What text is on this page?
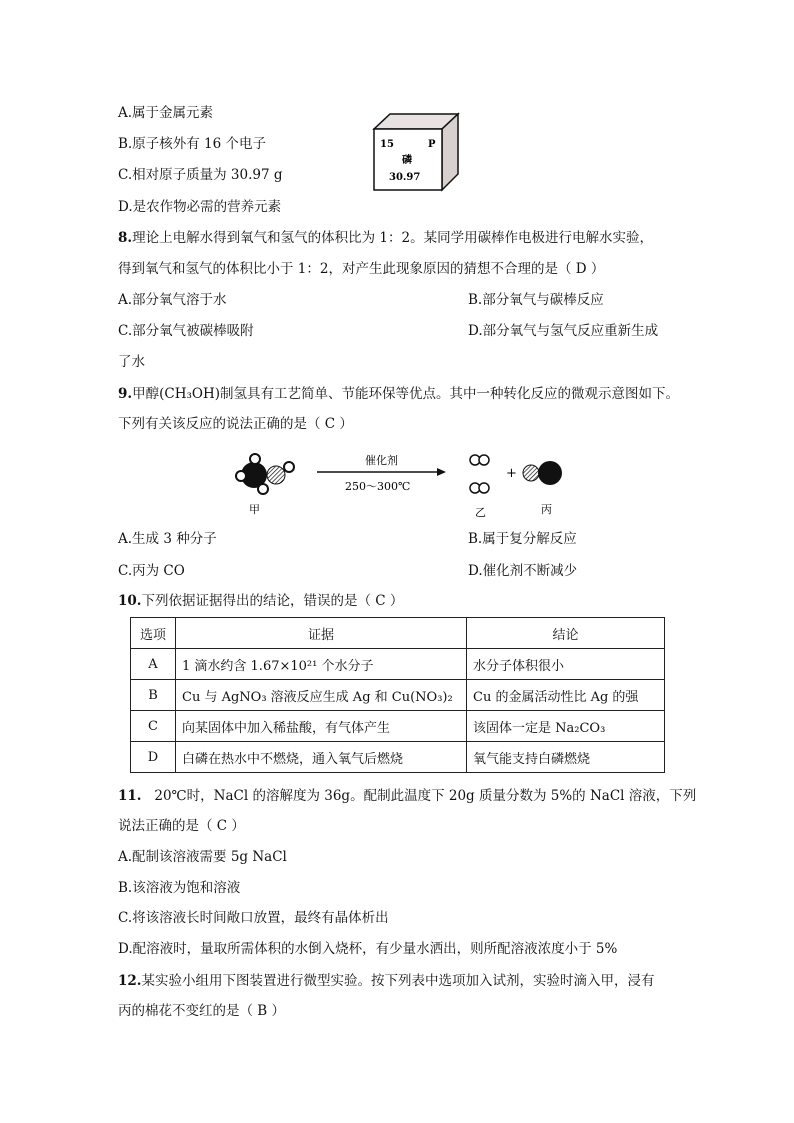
A.属于金属元素
B.原子核外有 16 个电子
C.相对原子质量为 30.97 g
D.是农作物必需的营养元素
15	P
磷
30.97
8.理论上电解水得到氧气和氢气的体积比为 1：2。某同学用碳棒作电极进行电解水实验，
得到氧气和氢气的体积比小于 1：2，对产生此现象原因的猜想不合理的是（ D ）
A.部分氧气溶于水	B.部分氧气与碳棒反应
C.部分氧气被碳棒吸附	D.部分氧气与氢气反应重新生成
了水
9.甲醇(CH₃OH)制氢具有工艺简单、节能环保等优点。其中一种转化反应的微观示意图如下。
下列有关该反应的说法正确的是（ C ）
催化剂
250～300℃
+
甲	乙	丙
A.生成 3 种分子	B.属于复分解反应
C.丙为 CO	D.催化剂不断减少
10.下列依据证据得出的结论，错误的是（ C ）
选项	证据	结论
A	1 滴水约含 1.67×10²¹ 个水分子	水分子体积很小
B	Cu 与 AgNO₃ 溶液反应生成 Ag 和 Cu(NO₃)₂	Cu 的金属活动性比 Ag 的强
C	向某固体中加入稀盐酸，有气体产生	该固体一定是 Na₂CO₃
D	白磷在热水中不燃烧，通入氧气后燃烧	氧气能支持白磷燃烧
11.   20℃时，NaCl 的溶解度为 36g。配制此温度下 20g 质量分数为 5%的 NaCl 溶液，下列
说法正确的是（ C ）
A.配制该溶液需要 5g NaCl
B.该溶液为饱和溶液
C.将该溶液长时间敞口放置，最终有晶体析出
D.配溶液时，量取所需体积的水倒入烧杯，有少量水洒出，则所配溶液浓度小于 5%
12.某实验小组用下图装置进行微型实验。按下列表中选项加入试剂，实验时滴入甲，浸有
丙的棉花不变红的是（ B ）
